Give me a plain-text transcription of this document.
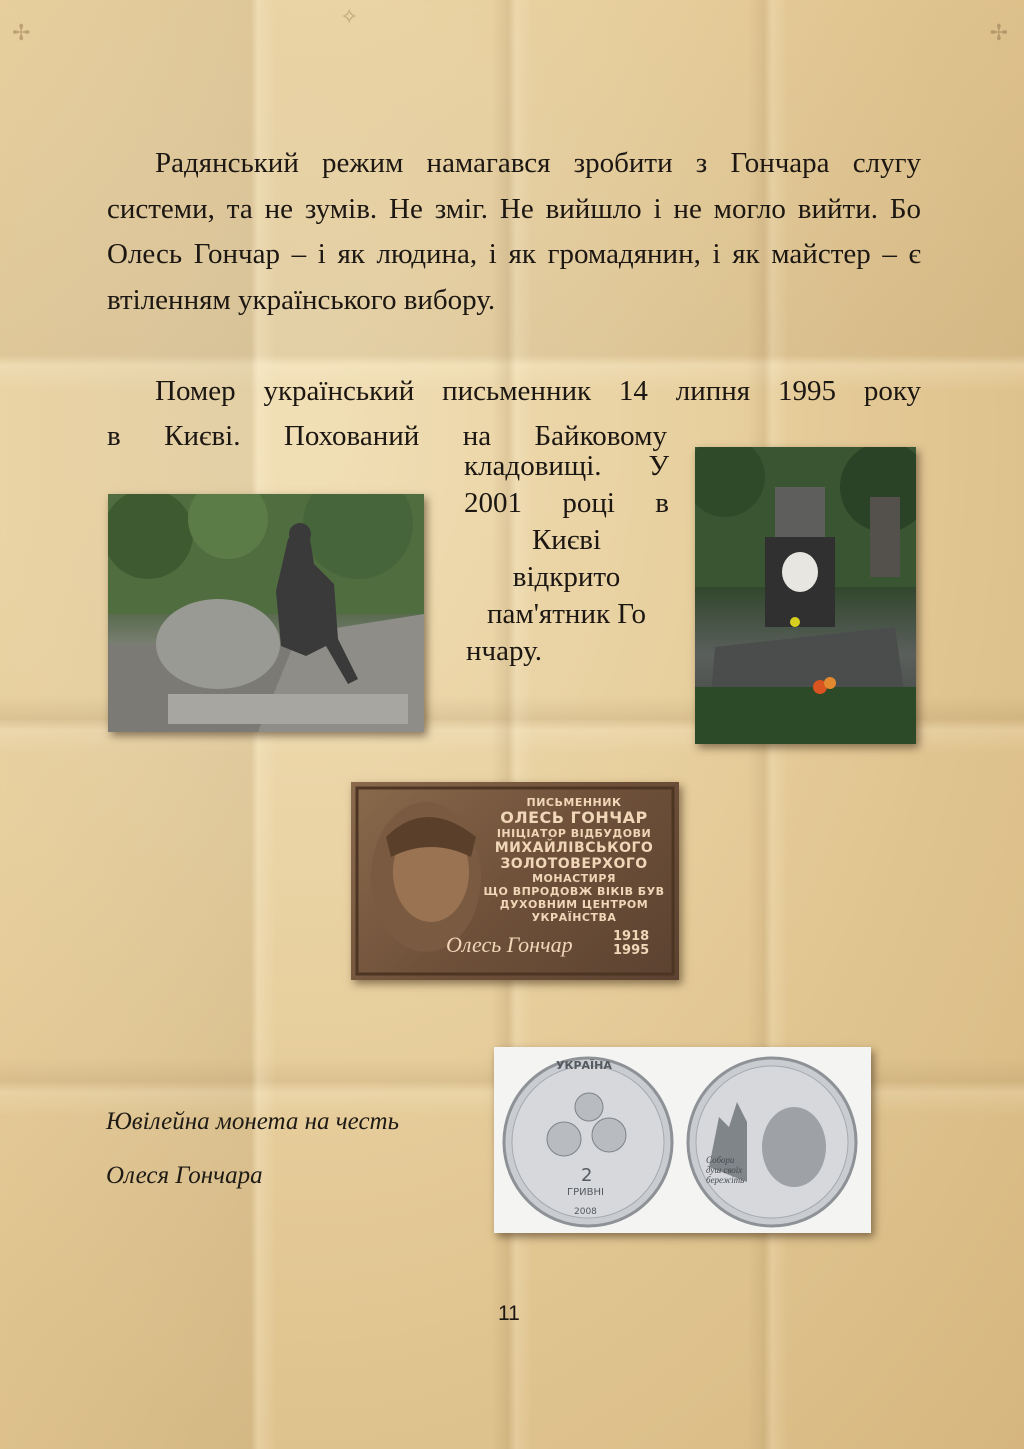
✢	✢
✧
Радянський режим намагався зробити з Гончара слугу системи, та не зумів. Не зміг. Не вийшло і не могло вийти. Бо Олесь Гончар – і як людина, і як громадянин, і як майстер – є втіленням українського вибору.
Помер український письменник 14 липня 1995 року
в Києві. Похований на Байковому
кладовищі. У
2001 році в
Києві
відкрито
пам'ятник Го
нчару.
ПИСЬМЕННИК
ОЛЕСЬ ГОНЧАР
ІНІЦІАТОР ВІДБУДОВИ
МИХАЙЛІВСЬКОГО
ЗОЛОТОВЕРХОГО
МОНАСТИРЯ
ЩО ВПРОДОВЖ ВІКІВ БУВ
ДУХОВНИМ ЦЕНТРОМ
УКРАЇНСТВА
Олесь Гончар	1918
1995
УКРАЇНА
2
ГРИВНІ
2008
Собори
душ своїх
бережіть
Ювілейна монета на честь
Олеся Гончара
11
